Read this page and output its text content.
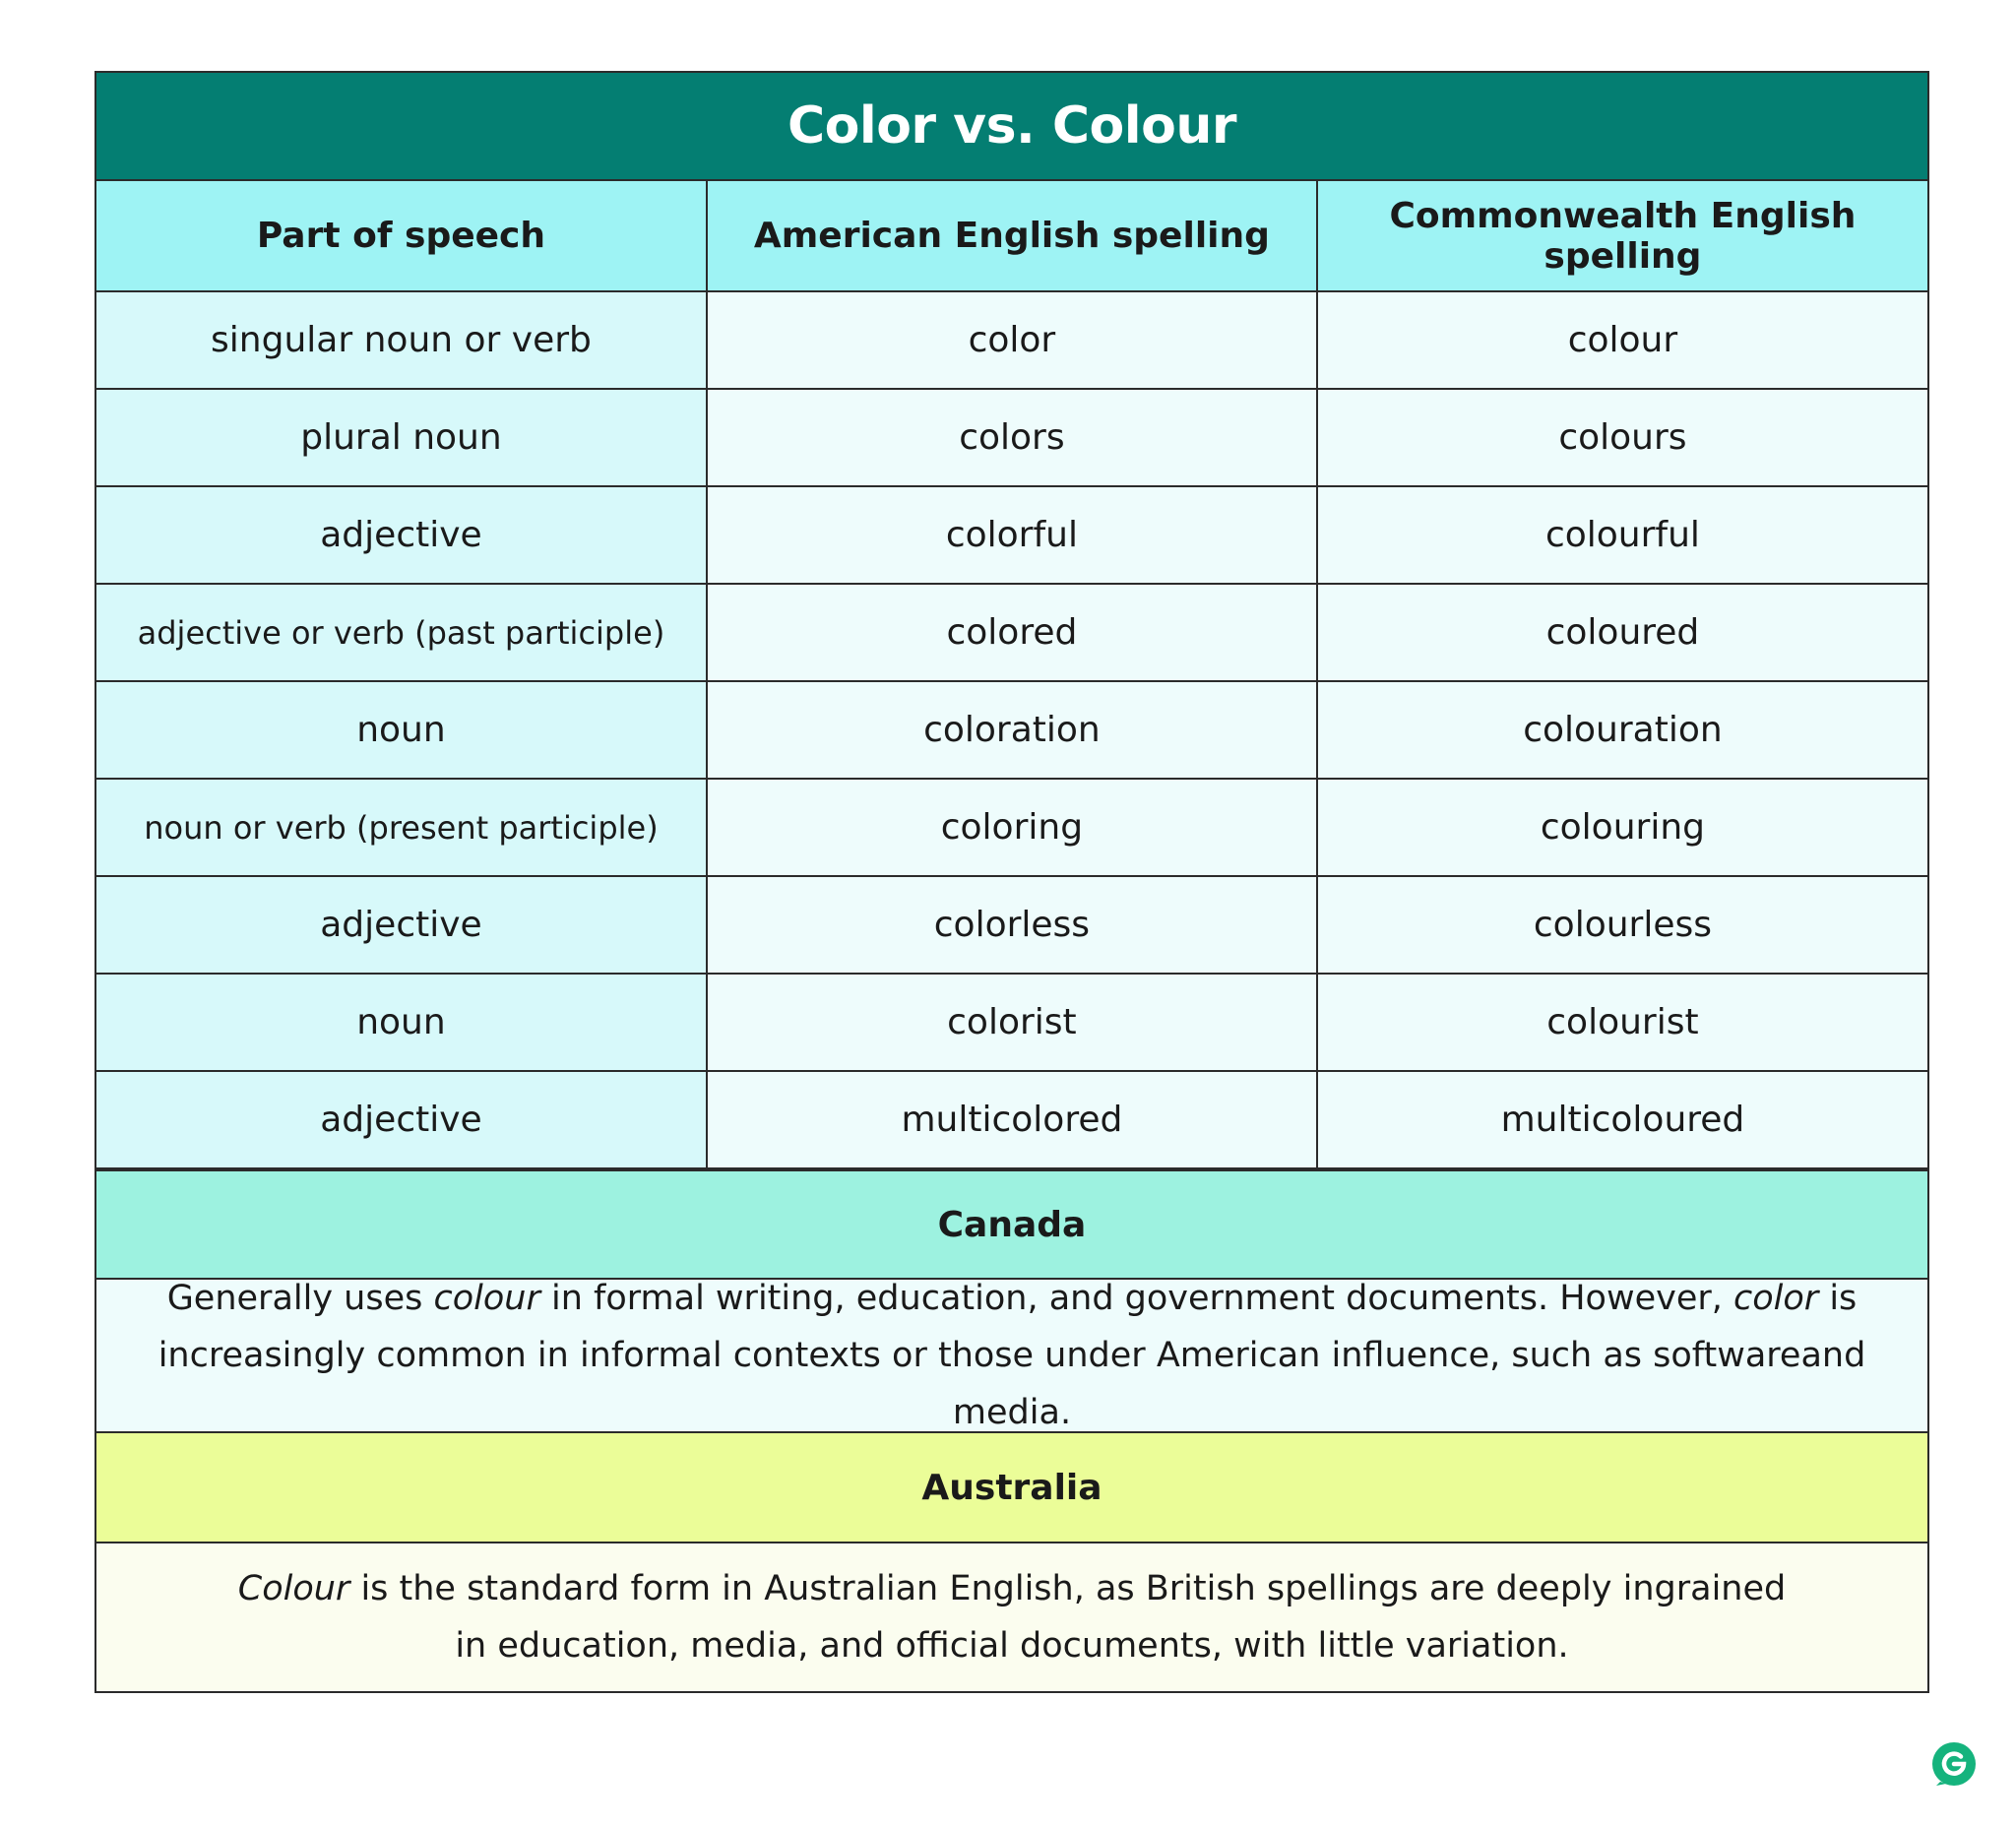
Color vs. Colour
Part of speech	American English spelling	Commonwealth English spelling
singular noun or verb	color	colour
plural noun	colors	colours
adjective	colorful	colourful
adjective or verb (past participle)	colored	coloured
noun	coloration	colouration
noun or verb (present participle)	coloring	colouring
adjective	colorless	colourless
noun	colorist	colourist
adjective	multicolored	multicoloured
Canada
Generally uses colour in formal writing, education, and government documents. However, color is increasingly common in informal contexts or those under American influence, such as softwareand media.
Australia
Colour is the standard form in Australian English, as British spellings are deeply ingrained
in education, media, and official documents, with little variation.
